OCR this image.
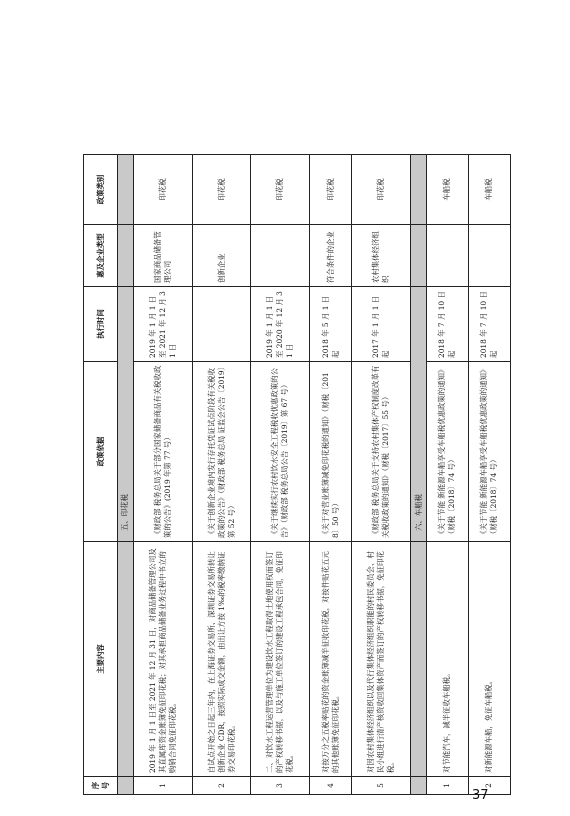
序号	主要内容	政策依据	执行时间	惠及企业类型	政策类别
		五、印花税			
1	2019 年 1 月 1 日至 2021 年 12 月 31 日，对商品储备管理公司及其直属库资金账簿免征印花税；对其承担商品储备业务过程中书立的购销合同免征印花税。	《财政部 税务总局关于部分国家储备商品有关税收政策的公告》(2019 年第 77 号）	2019 年 1 月 1 日 至 2021 年 12 月 31 日	国家商品储备管理公司	印花税
2	自试点开始之日起三年内，在上海证券交易所、深圳证券交易所转让创新企业 CDR，按照实际成交金额，由出让方按 1‰的税率缴纳证券交易印花税。	《关于创新企业境内发行存托凭证试点阶段有关税收政策的公告》（财政部 税务总局 证监会公告〔2019〕第 52 号）		创新企业	印花税
3	二、对饮水工程运营管理单位为建设饮水工程取得土地使用权而签订的产权转移书据，以及与施工单位签订的建设工程承包合同，免征印花税。	《关于继续实行农村饮水安全工程税收优惠政策的公告》（财政部 税务总局公告〔2019〕第 67 号）	2019 年 1 月 1 日 至 2020 年 12 月 31 日		印花税
4	对按万分之五税率贴花的资金账簿减半征收印花税，对按件贴花五元的其他账簿免征印花税。	《关于对营业账簿减免印花税的通知》（财税〔2018〕50 号）	2018 年 5 月 1 日起	符合条件的企业	印花税
5	对因农村集体经济组织以及代行集体经济组织职能的村民委员会、村民小组进行清产核资收回集体资产而签订的产权转移书据，免征印花税。	《财政部 税务总局关于支持农村集体产权制度改革有关税收政策的通知》（财税〔2017〕55 号）	2017 年 1 月 1 日起	农村集体经济组织	印花税
		六、车船税			
1	对节能汽车，减半征收车船税。	《关于节能 新能源车船享受车船税优惠政策的通知》（财税〔2018〕74 号）	2018 年 7 月 10 日起		车船税
2	对新能源车船，免征车船税。	《关于节能 新能源车船享受车船税优惠政策的通知》（财税〔2018〕74 号）	2018 年 7 月 10 日起		车船税
37
